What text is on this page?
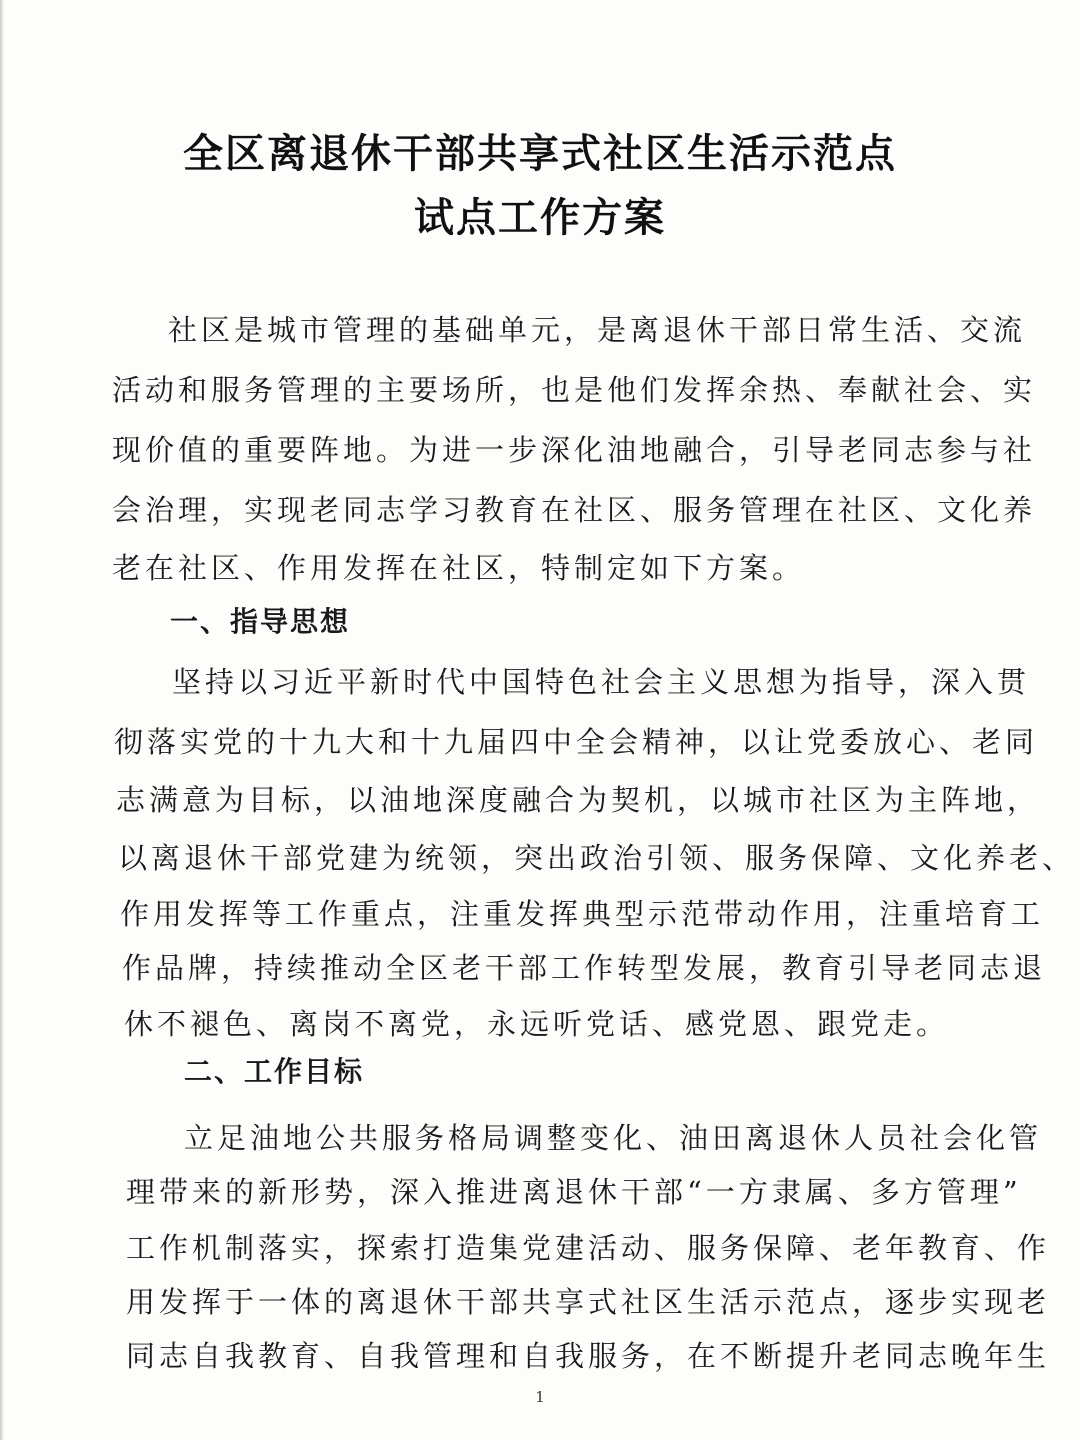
全区离退休干部共享式社区生活示范点
试点工作方案
社区是城市管理的基础单元，是离退休干部日常生活、交流
活动和服务管理的主要场所，也是他们发挥余热、奉献社会、实
现价值的重要阵地。为进一步深化油地融合，引导老同志参与社
会治理，实现老同志学习教育在社区、服务管理在社区、文化养
老在社区、作用发挥在社区，特制定如下方案。
一、指导思想
坚持以习近平新时代中国特色社会主义思想为指导，深入贯
彻落实党的十九大和十九届四中全会精神，以让党委放心、老同
志满意为目标，以油地深度融合为契机，以城市社区为主阵地，
以离退休干部党建为统领，突出政治引领、服务保障、文化养老、
作用发挥等工作重点，注重发挥典型示范带动作用，注重培育工
作品牌，持续推动全区老干部工作转型发展，教育引导老同志退
休不褪色、离岗不离党，永远听党话、感党恩、跟党走。
二、工作目标
立足油地公共服务格局调整变化、油田离退休人员社会化管
理带来的新形势，深入推进离退休干部“一方隶属、多方管理”
工作机制落实，探索打造集党建活动、服务保障、老年教育、作
用发挥于一体的离退休干部共享式社区生活示范点，逐步实现老
同志自我教育、自我管理和自我服务，在不断提升老同志晚年生
1
